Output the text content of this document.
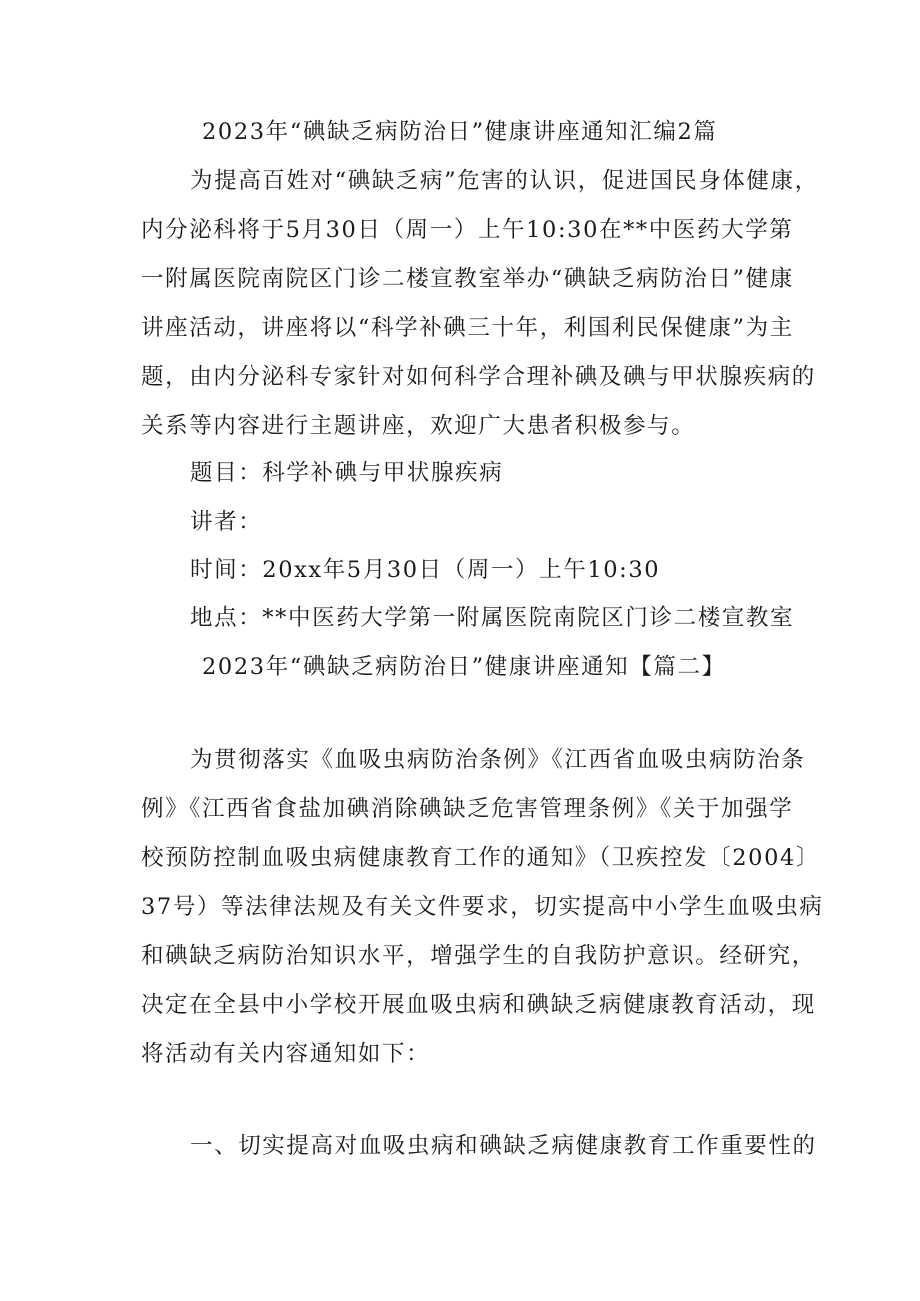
2023年“碘缺乏病防治日”健康讲座通知汇编2篇
为提高百姓对“碘缺乏病”危害的认识，促进国民身体健康，
内分泌科将于5月30日（周一）上午10:30在**中医药大学第
一附属医院南院区门诊二楼宣教室举办“碘缺乏病防治日”健康
讲座活动，讲座将以“科学补碘三十年，利国利民保健康”为主
题，由内分泌科专家针对如何科学合理补碘及碘与甲状腺疾病的
关系等内容进行主题讲座，欢迎广大患者积极参与。
题目：科学补碘与甲状腺疾病
讲者：
时间：20xx年5月30日（周一）上午10:30
地点：**中医药大学第一附属医院南院区门诊二楼宣教室
2023年“碘缺乏病防治日”健康讲座通知【篇二】
为贯彻落实《血吸虫病防治条例》《江西省血吸虫病防治条
例》《江西省食盐加碘消除碘缺乏危害管理条例》《关于加强学
校预防控制血吸虫病健康教育工作的通知》（卫疾控发〔2004〕
37号）等法律法规及有关文件要求，切实提高中小学生血吸虫病
和碘缺乏病防治知识水平，增强学生的自我防护意识。经研究，
决定在全县中小学校开展血吸虫病和碘缺乏病健康教育活动，现
将活动有关内容通知如下：
一、切实提高对血吸虫病和碘缺乏病健康教育工作重要性的
